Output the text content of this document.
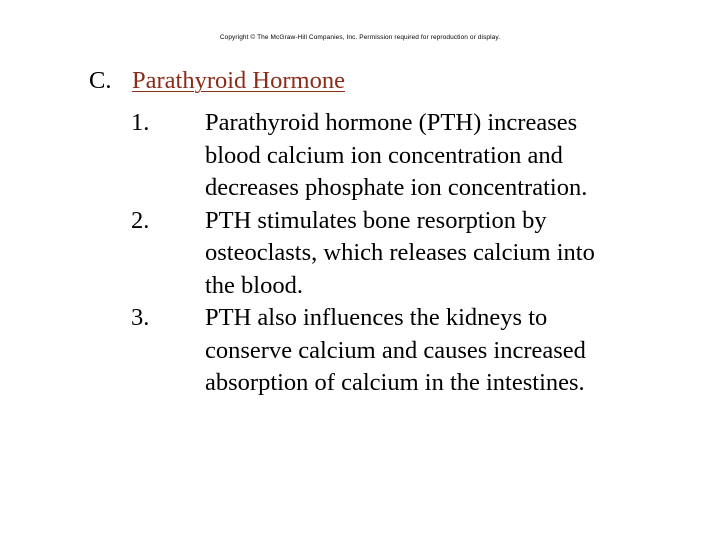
Copyright © The McGraw-Hill Companies, Inc. Permission required for reproduction or display.
C. Parathyroid Hormone
1. Parathyroid hormone (PTH) increases
blood calcium ion concentration and
decreases phosphate ion concentration.
2. PTH stimulates bone resorption by
osteoclasts, which releases calcium into
the blood.
3. PTH also influences the kidneys to
conserve calcium and causes increased
absorption of calcium in the intestines.
